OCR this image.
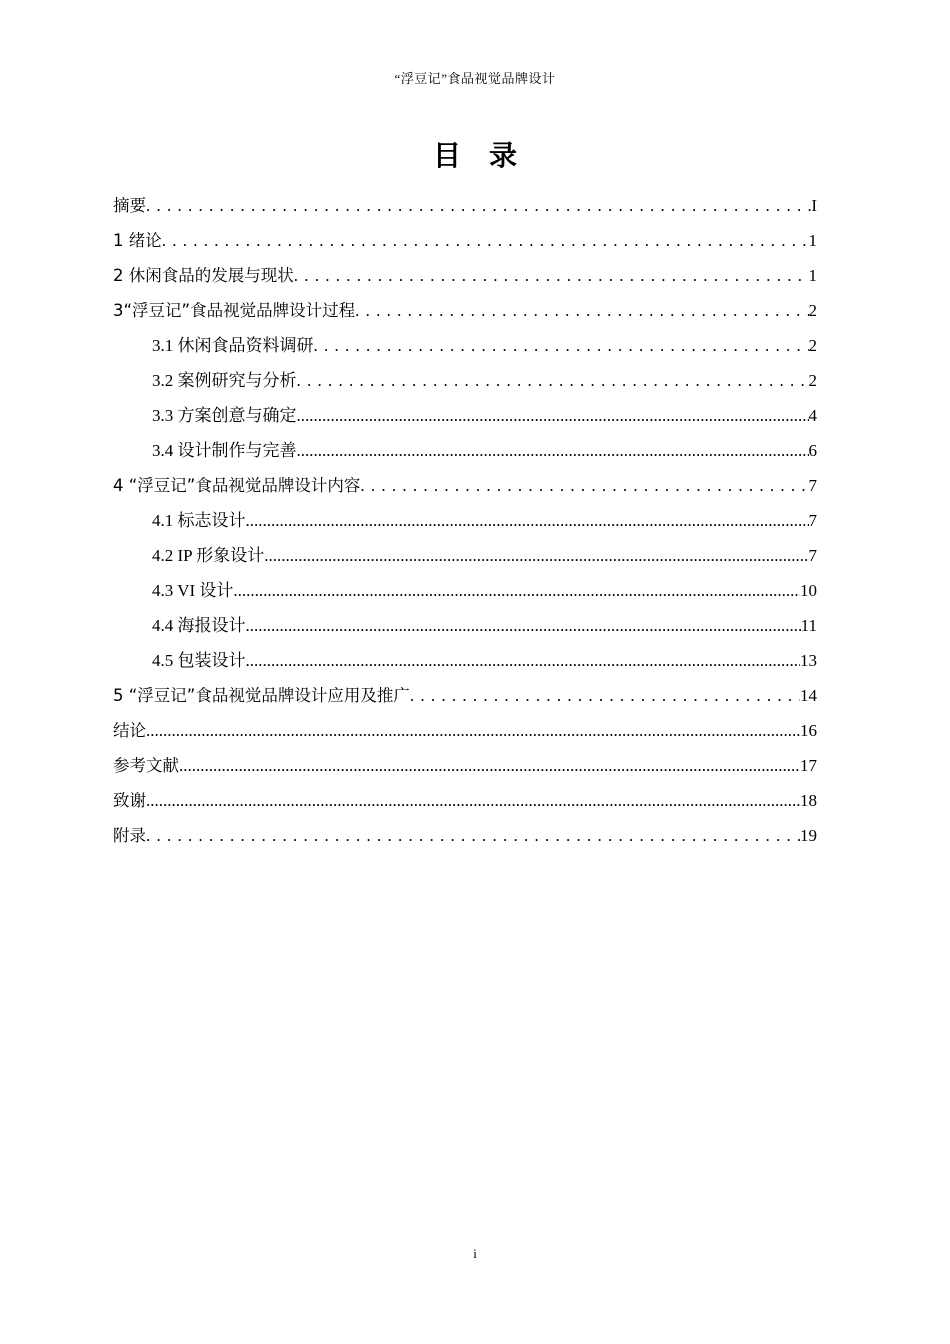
“浮豆记”食品视觉品牌设计
目录
摘要 . . .	I
1 绪论 . . .	1
2 休闲食品的发展与现状 . . .	1
3“浮豆记”食品视觉品牌设计过程 . . .	2
3.1 休闲食品资料调研 . . .	2
3.2 案例研究与分析 . . .	2
3.3 方案创意与确定 .....	4
3.4 设计制作与完善 .....	6
4 “浮豆记”食品视觉品牌设计内容 . . .	7
4.1 标志设计 .....	7
4.2 IP 形象设计 .....	7
4.3 VI 设计 .....	10
4.4 海报设计 .....	11
4.5 包装设计 .....	13
5 “浮豆记”食品视觉品牌设计应用及推广 . . .	14
结论 .....	16
参考文献 .....	17
致谢 .....	18
附录 . . .	19
i
